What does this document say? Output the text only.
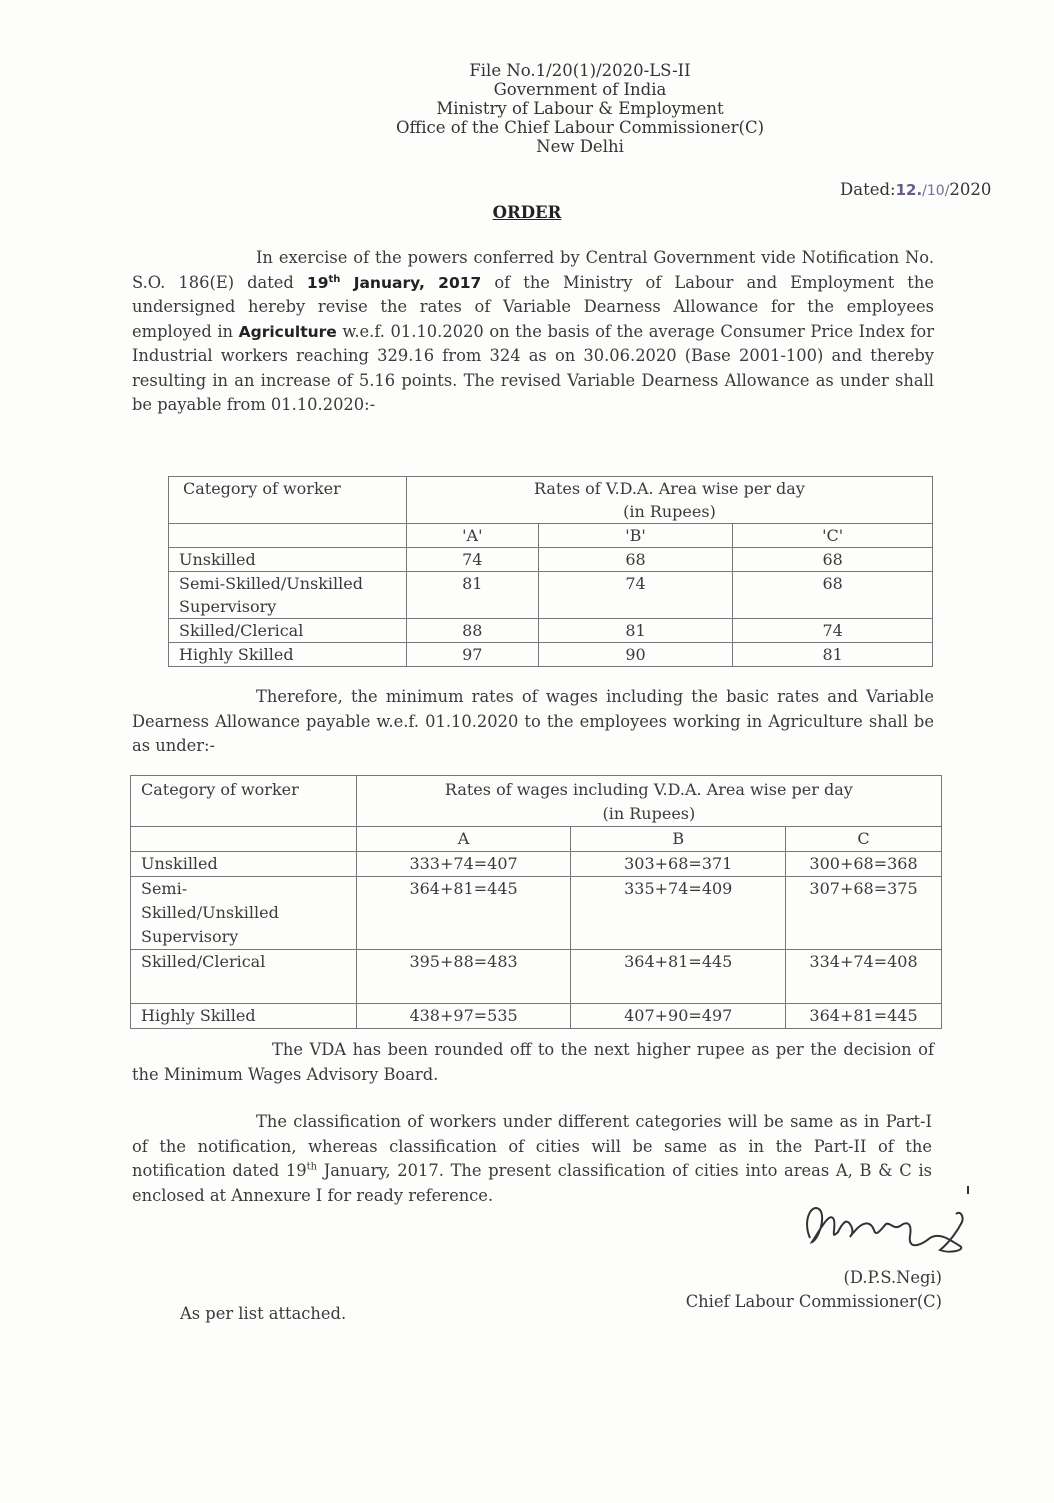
File No.1/20(1)/2020-LS-II
Government of India
Ministry of Labour & Employment
Office of the Chief Labour Commissioner(C)
New Delhi
Dated:12./10/2020
ORDER
In exercise of the powers conferred by Central Government vide Notification No. S.O. 186(E) dated 19th January, 2017 of the Ministry of Labour and Employment the undersigned hereby revise the rates of Variable Dearness Allowance for the employees employed in Agriculture w.e.f. 01.10.2020 on the basis of the average Consumer Price Index for Industrial workers reaching 329.16 from 324 as on 30.06.2020 (Base 2001-100) and thereby resulting in an increase of 5.16 points. The revised Variable Dearness Allowance as under shall be payable from 01.10.2020:-
Category of worker	Rates of V.D.A. Area wise per day
(in Rupees)		

	'A'	'B'	'C'
Unskilled	74	68	68
Semi-Skilled/Unskilled Supervisory	81	74	68
Skilled/Clerical	88	81	74
Highly Skilled	97	90	81
Therefore, the minimum rates of wages including the basic rates and Variable Dearness Allowance payable w.e.f. 01.10.2020 to the employees working in Agriculture shall be as under:-
Category of worker	Rates of wages including V.D.A. Area wise per day
(in Rupees)		

	A	B	C
Unskilled	333+74=407	303+68=371	300+68=368
Semi-
Skilled/Unskilled
Supervisory	364+81=445	335+74=409	307+68=375
Skilled/Clerical	395+88=483	364+81=445	334+74=408
Highly Skilled	438+97=535	407+90=497	364+81=445
The VDA has been rounded off to the next higher rupee as per the decision of the Minimum Wages Advisory Board.
The classification of workers under different categories will be same as in Part-I of the notification, whereas classification of cities will be same as in the Part-II of the notification dated 19th January, 2017. The present classification of cities into areas A, B & C is enclosed at Annexure I for ready reference.
(D.P.S.Negi)
Chief Labour Commissioner(C)
As per list attached.
